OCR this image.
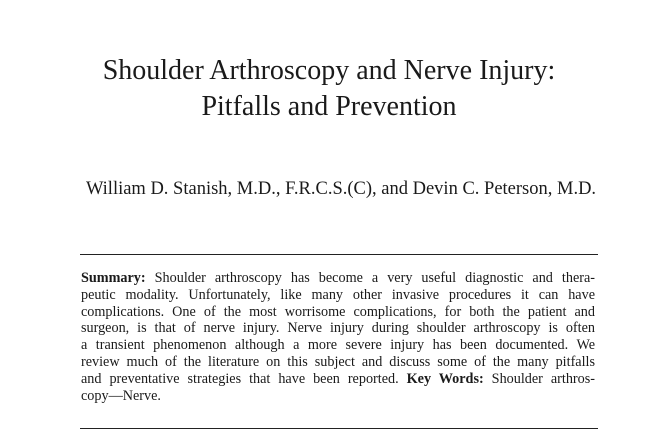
Shoulder Arthroscopy and Nerve Injury:
Pitfalls and Prevention
William D. Stanish, M.D., F.R.C.S.(C), and Devin C. Peterson, M.D.
Summary: Shoulder arthroscopy has become a very useful diagnostic and thera-
peutic modality. Unfortunately, like many other invasive procedures it can have
complications. One of the most worrisome complications, for both the patient and
surgeon, is that of nerve injury. Nerve injury during shoulder arthroscopy is often
a transient phenomenon although a more severe injury has been documented. We
review much of the literature on this subject and discuss some of the many pitfalls
and preventative strategies that have been reported. Key Words: Shoulder arthros-
copy—Nerve.
